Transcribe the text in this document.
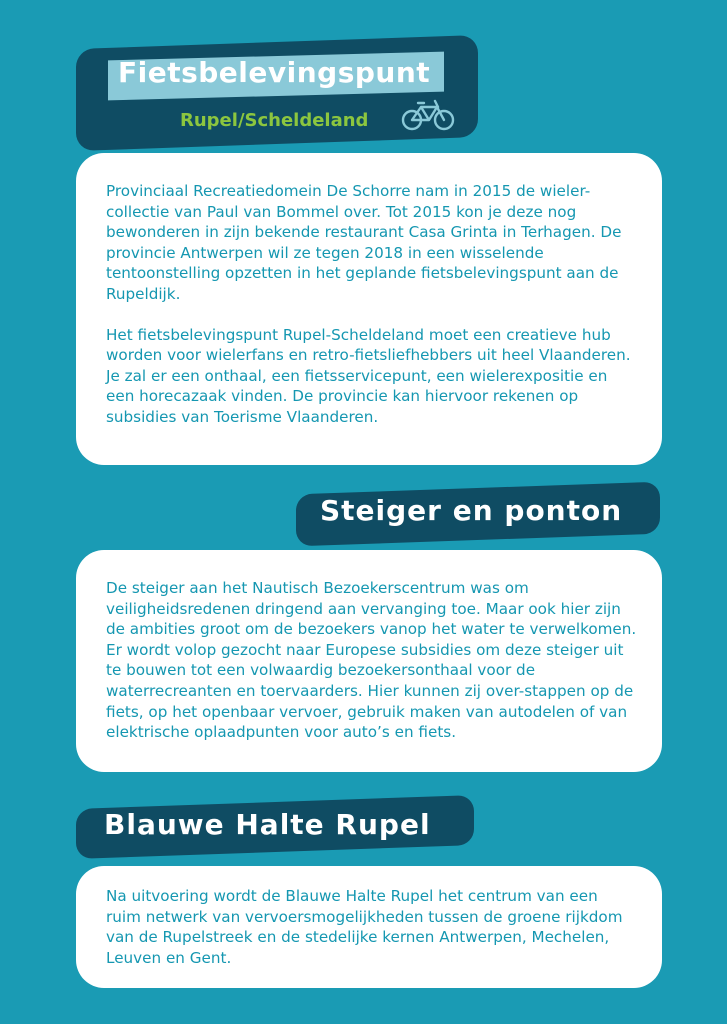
Fietsbelevingspunt
Rupel/Scheldeland

Provinciaal Recreatiedomein De Schorre nam in 2015 de wieler-collectie van Paul van Bommel over. Tot 2015 kon je deze nog bewonderen in zijn bekende restaurant Casa Grinta in Terhagen. De provincie Antwerpen wil ze tegen 2018 in een wisselende tentoonstelling opzetten in het geplande fietsbelevingspunt aan de Rupeldijk.

Het fietsbelevingspunt Rupel-Scheldeland moet een creatieve hub worden voor wielerfans en retro-fietsliefhebbers uit heel Vlaanderen. Je zal er een onthaal, een fietsservicepunt, een wielerexpositie en een horecazaak vinden. De provincie kan hiervoor rekenen op subsidies van Toerisme Vlaanderen.

Steiger en ponton

De steiger aan het Nautisch Bezoekerscentrum was om veiligheidsredenen dringend aan vervanging toe. Maar ook hier zijn de ambities groot om de bezoekers vanop het water te verwelkomen. Er wordt volop gezocht naar Europese subsidies om deze steiger uit te bouwen tot een volwaardig bezoekersonthaal voor de waterrecreanten en toervaarders. Hier kunnen zij over-stappen op de fiets, op het openbaar vervoer, gebruik maken van autodelen of van elektrische oplaadpunten voor auto’s en fiets.

Blauwe Halte Rupel

Na uitvoering wordt de Blauwe Halte Rupel het centrum van een ruim netwerk van vervoersmogelijkheden tussen de groene rijkdom van de Rupelstreek en de stedelijke kernen Antwerpen, Mechelen, Leuven en Gent.
